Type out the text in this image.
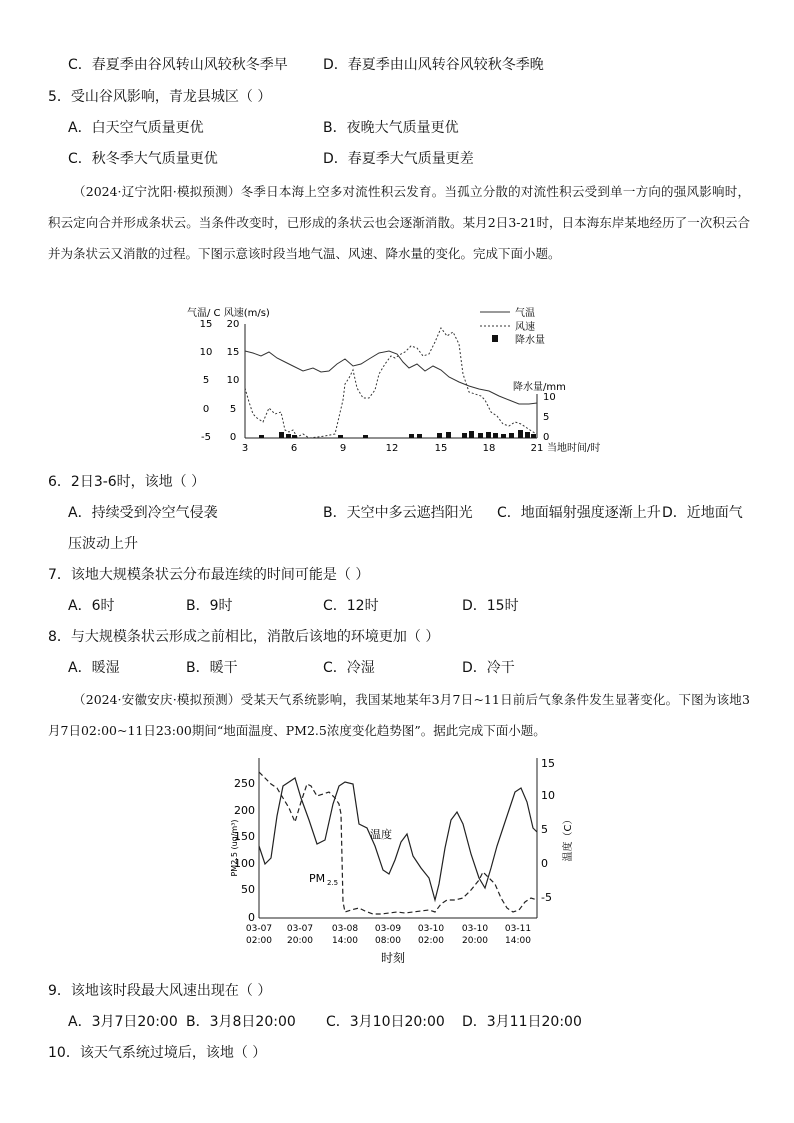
C．春夏季由谷风转山风较秋冬季早	D．春夏季由山风转谷风较秋冬季晚
5．受山谷风影响，青龙县城区（ ）
A．白天空气质量更优	B．夜晚大气质量更优
C．秋冬季大气质量更优	D．春夏季大气质量更差
（2024·辽宁沈阳·模拟预测）冬季日本海上空多对流性积云发育。当孤立分散的对流性积云受到单一方向的强风影响时，积云定向合并形成条状云。当条件改变时，已形成的条状云也会逐渐消散。某月2日3-21时，日本海东岸某地经历了一次积云合并为条状云又消散的过程。下图示意该时段当地气温、风速、降水量的变化。完成下面小题。
气温/ C 风速(m/s)
15
10
5
0
-5
20
15
10
5
0
3	6	9	12	15	18	21 当地时间/时
降水量/mm
10
5
0
气温
风速
降水量
6．2日3-6时，该地（ ）
A．持续受到冷空气侵袭	B．天空中多云遮挡阳光 C．地面辐射强度逐渐上升 D．近地面气
压波动上升
7．该地大规模条状云分布最连续的时间可能是（ ）
A．6时	B．9时	C．12时	D．15时
8．与大规模条状云形成之前相比，消散后该地的环境更加（ ）
A．暖湿	B．暖干	C．冷湿	D．冷干
（2024·安徽安庆·模拟预测）受某天气系统影响，我国某地某年3月7日~11日前后气象条件发生显著变化。下图为该地3月7日02:00~11日23:00期间“地面温度、PM2.5浓度变化趋势图”。据此完成下面小题。
250
200
150
100
50
0
15
10
5
0
-5
PM2.5 (ug/m³)	温度（C）
03-07 03-07 03-08 03-09 03-10 03-10 03-11
02:00 20:00 14:00 08:00 02:00 20:00 14:00
时刻
温度
PM 2.5
9．该地该时段最大风速出现在（ ）
A．3月7日20:00 B．3月8日20:00 C．3月10日20:00 D．3月11日20:00
10．该天气系统过境后，该地（ ）
